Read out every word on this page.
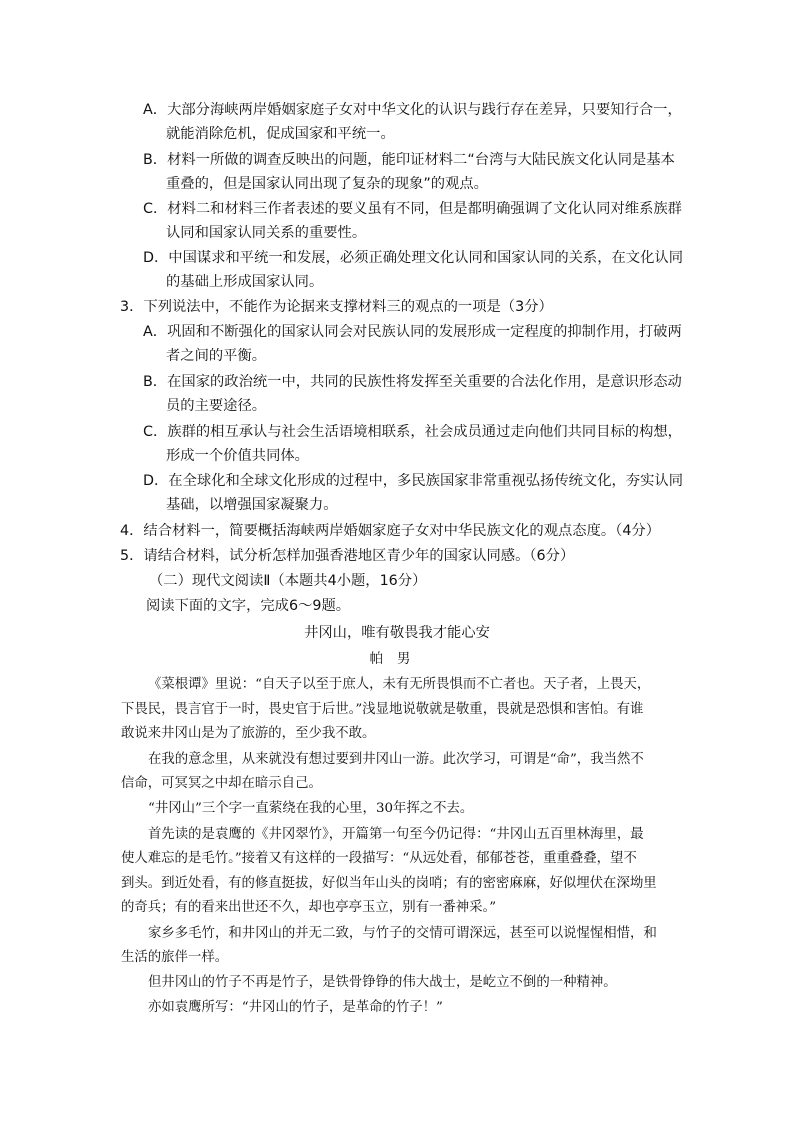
A．大部分海峡两岸婚姻家庭子女对中华文化的认识与践行存在差异，只要知行合一，
就能消除危机，促成国家和平统一。
B．材料一所做的调查反映出的问题，能印证材料二“台湾与大陆民族文化认同是基本
重叠的，但是国家认同出现了复杂的现象”的观点。
C．材料二和材料三作者表述的要义虽有不同，但是都明确强调了文化认同对维系族群
认同和国家认同关系的重要性。
D．中国谋求和平统一和发展，必须正确处理文化认同和国家认同的关系，在文化认同
的基础上形成国家认同。
3．下列说法中，不能作为论据来支撑材料三的观点的一项是（3分）
A．巩固和不断强化的国家认同会对民族认同的发展形成一定程度的抑制作用，打破两
者之间的平衡。
B．在国家的政治统一中，共同的民族性将发挥至关重要的合法化作用，是意识形态动
员的主要途径。
C．族群的相互承认与社会生活语境相联系，社会成员通过走向他们共同目标的构想，
形成一个价值共同体。
D．在全球化和全球文化形成的过程中，多民族国家非常重视弘扬传统文化，夯实认同
基础，以增强国家凝聚力。
4．结合材料一，简要概括海峡两岸婚姻家庭子女对中华民族文化的观点态度。（4分）
5．请结合材料，试分析怎样加强香港地区青少年的国家认同感。（6分）
（二）现代文阅读Ⅱ（本题共4小题，16分）
阅读下面的文字，完成6～9题。
井冈山，唯有敬畏我才能心安
帕男
《菜根谭》里说：“自天子以至于庶人，未有无所畏惧而不亡者也。天子者，上畏天，
下畏民，畏言官于一时，畏史官于后世。”浅显地说敬就是敬重，畏就是恐惧和害怕。有谁
敢说来井冈山是为了旅游的，至少我不敢。
在我的意念里，从来就没有想过要到井冈山一游。此次学习，可谓是“命”，我当然不
信命，可冥冥之中却在暗示自己。
“井冈山”三个字一直萦绕在我的心里，30年挥之不去。
首先读的是袁鹰的《井冈翠竹》，开篇第一句至今仍记得：“井冈山五百里林海里，最
使人难忘的是毛竹。”接着又有这样的一段描写：“从远处看，郁郁苍苍，重重叠叠，望不
到头。到近处看，有的修直挺拔，好似当年山头的岗哨；有的密密麻麻，好似埋伏在深坳里
的奇兵；有的看来出世还不久，却也亭亭玉立，别有一番神采。”
家乡多毛竹，和井冈山的并无二致，与竹子的交情可谓深远，甚至可以说惺惺相惜，和
生活的旅伴一样。
但井冈山的竹子不再是竹子，是铁骨铮铮的伟大战士，是屹立不倒的一种精神。
亦如袁鹰所写：“井冈山的竹子，是革命的竹子！”
